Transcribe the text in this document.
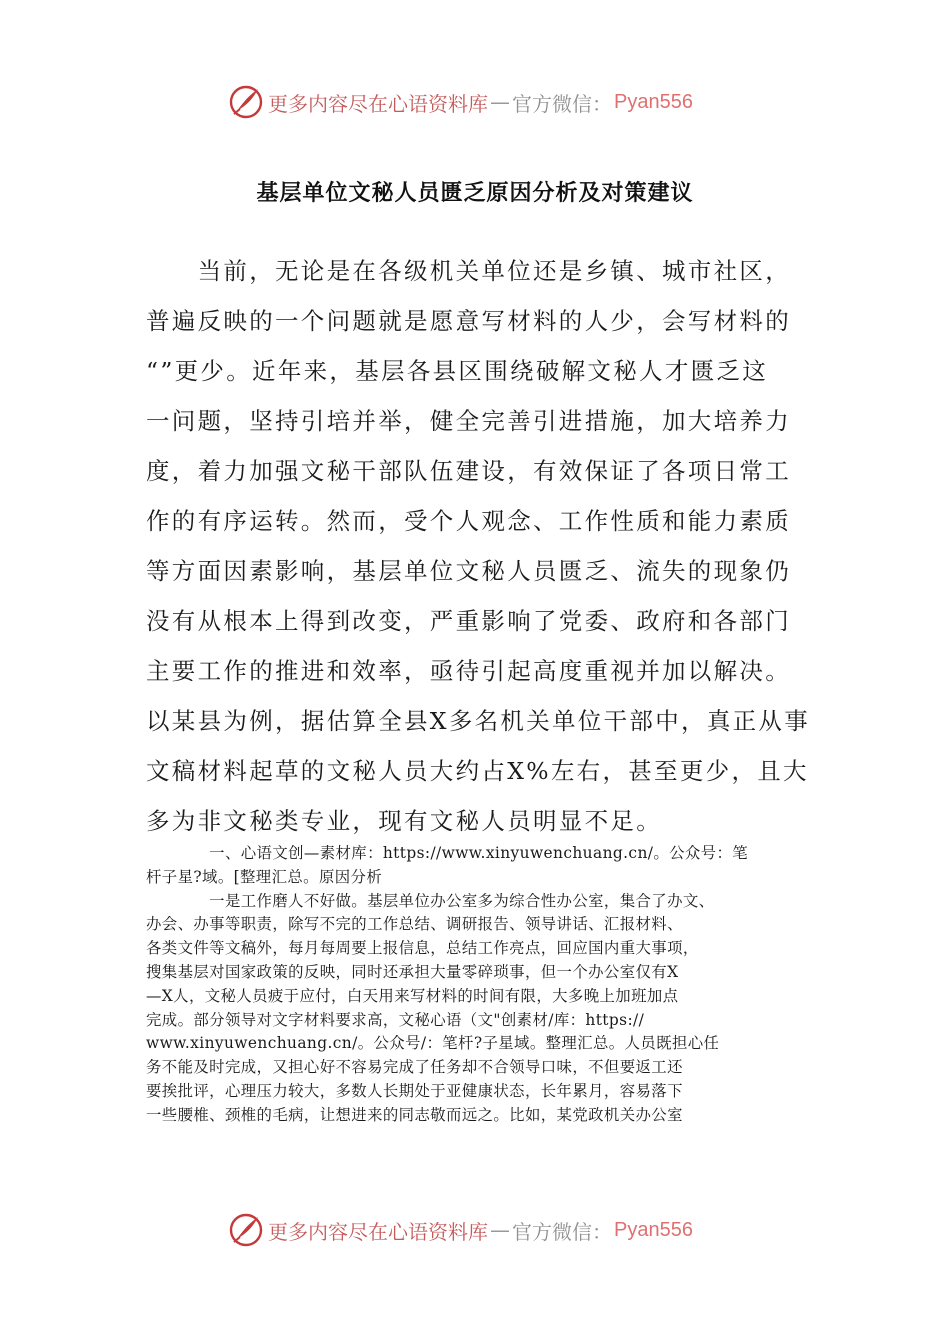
更多内容尽在心语资料库 — 官方微信： Pyan556
基层单位文秘人员匮乏原因分析及对策建议
　　当前，无论是在各级机关单位还是乡镇、城市社区，
普遍反映的一个问题就是愿意写材料的人少，会写材料的
“”更少。近年来，基层各县区围绕破解文秘人才匮乏这
一问题，坚持引培并举，健全完善引进措施，加大培养力
度，着力加强文秘干部队伍建设，有效保证了各项日常工
作的有序运转。然而，受个人观念、工作性质和能力素质
等方面因素影响，基层单位文秘人员匮乏、流失的现象仍
没有从根本上得到改变，严重影响了党委、政府和各部门
主要工作的推进和效率，亟待引起高度重视并加以解决。
以某县为例，据估算全县X多名机关单位干部中，真正从事
文稿材料起草的文秘人员大约占X%左右，甚至更少，且大
多为非文秘类专业，现有文秘人员明显不足。
　　　　一、心语文创—素材库：https://www.xinyuwenchuang.cn/。公众号：笔
杆子星?域。[整理汇总。原因分析
　　　　一是工作磨人不好做。基层单位办公室多为综合性办公室，集合了办文、
办会、办事等职责，除写不完的工作总结、调研报告、领导讲话、汇报材料、
各类文件等文稿外，每月每周要上报信息，总结工作亮点，回应国内重大事项，
搜集基层对国家政策的反映，同时还承担大量零碎琐事，但一个办公室仅有X
—X人，文秘人员疲于应付，白天用来写材料的时间有限，大多晚上加班加点
完成。部分领导对文字材料要求高，文秘心语（文"创素材/库：https://
www.xinyuwenchuang.cn/。公众号/：笔杆?子星域。整理汇总。人员既担心任
务不能及时完成，又担心好不容易完成了任务却不合领导口味，不但要返工还
要挨批评，心理压力较大，多数人长期处于亚健康状态，长年累月，容易落下
一些腰椎、颈椎的毛病，让想进来的同志敬而远之。比如，某党政机关办公室
更多内容尽在心语资料库 — 官方微信： Pyan556
